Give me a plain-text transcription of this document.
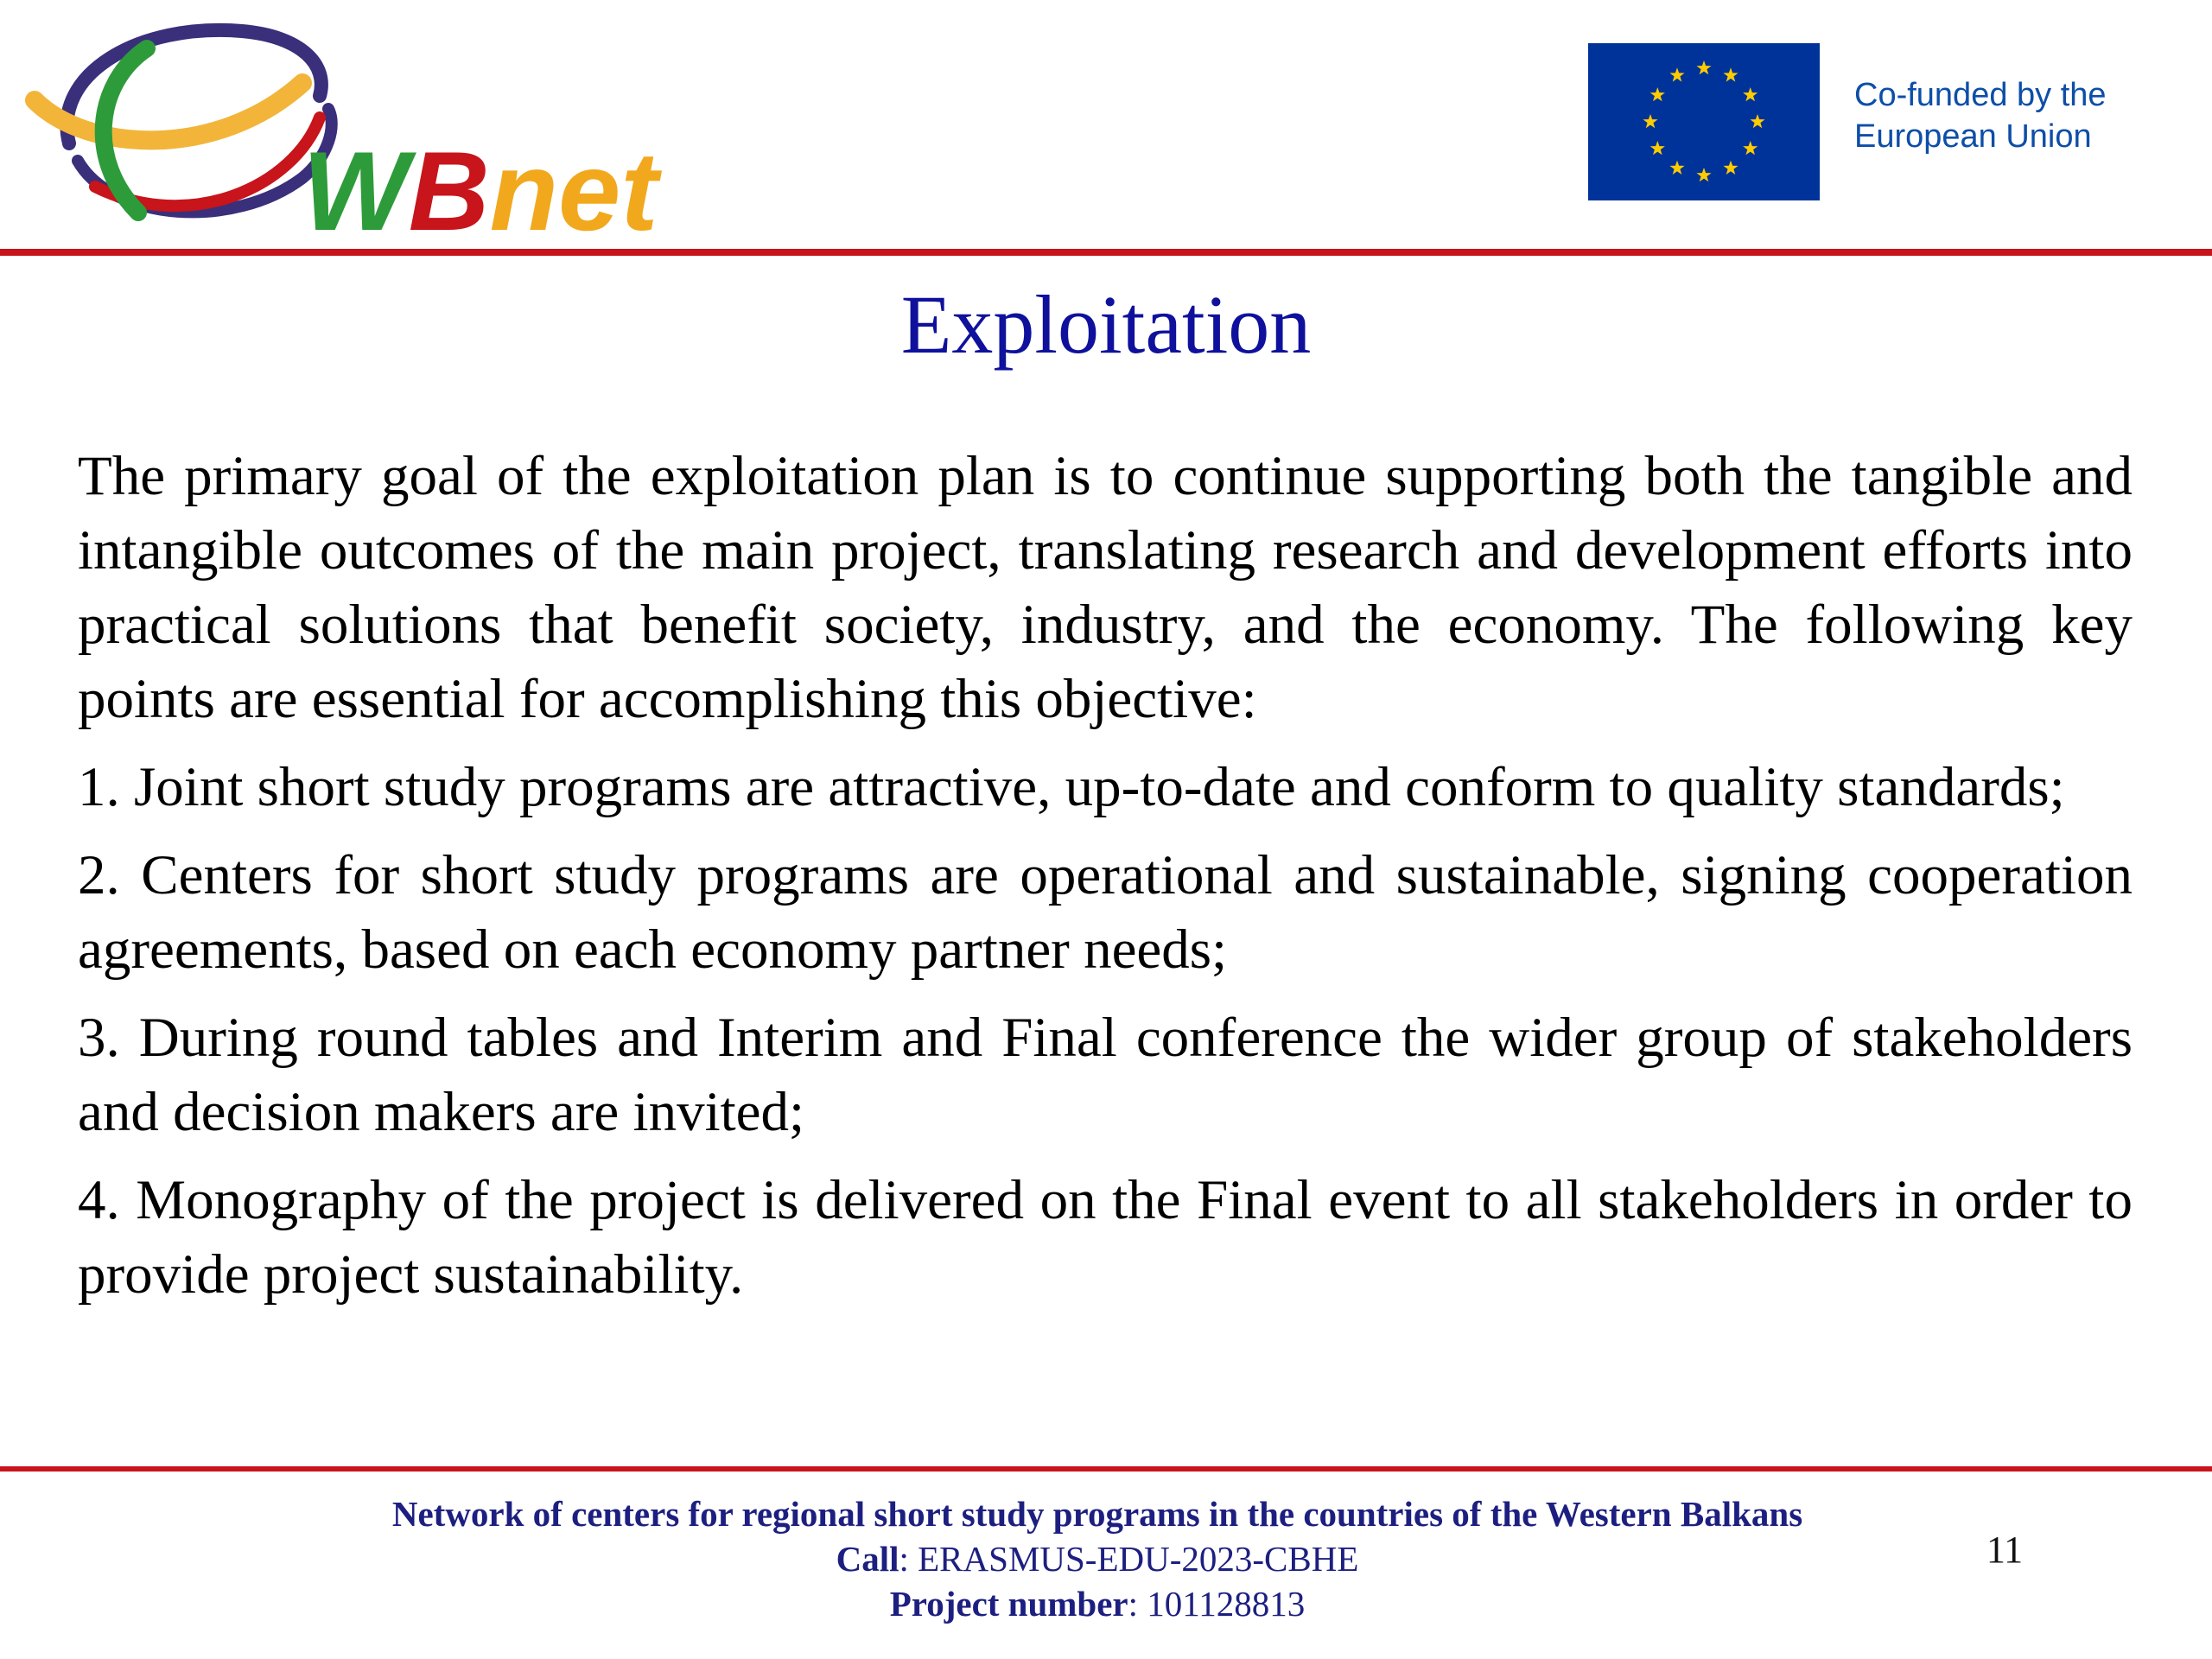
WBnet
Co-funded by the
European Union
Exploitation

The primary goal of the exploitation plan is to continue supporting both the tangible and intangible outcomes of the main project, translating research and development efforts into practical solutions that benefit society, industry, and the economy. The following key points are essential for accomplishing this objective:

1. Joint short study programs are attractive, up-to-date and conform to quality standards;

2. Centers for short study programs are operational and sustainable, signing cooperation agreements, based on each economy partner needs;

3. During round tables and Interim and Final conference the wider group of stakeholders and decision makers are invited;

4. Monography of the project is delivered on the Final event to all stakeholders in order to provide project sustainability.

Network of centers for regional short study programs in the countries of the Western Balkans
Call: ERASMUS-EDU-2023-CBHE
Project number: 101128813
11
